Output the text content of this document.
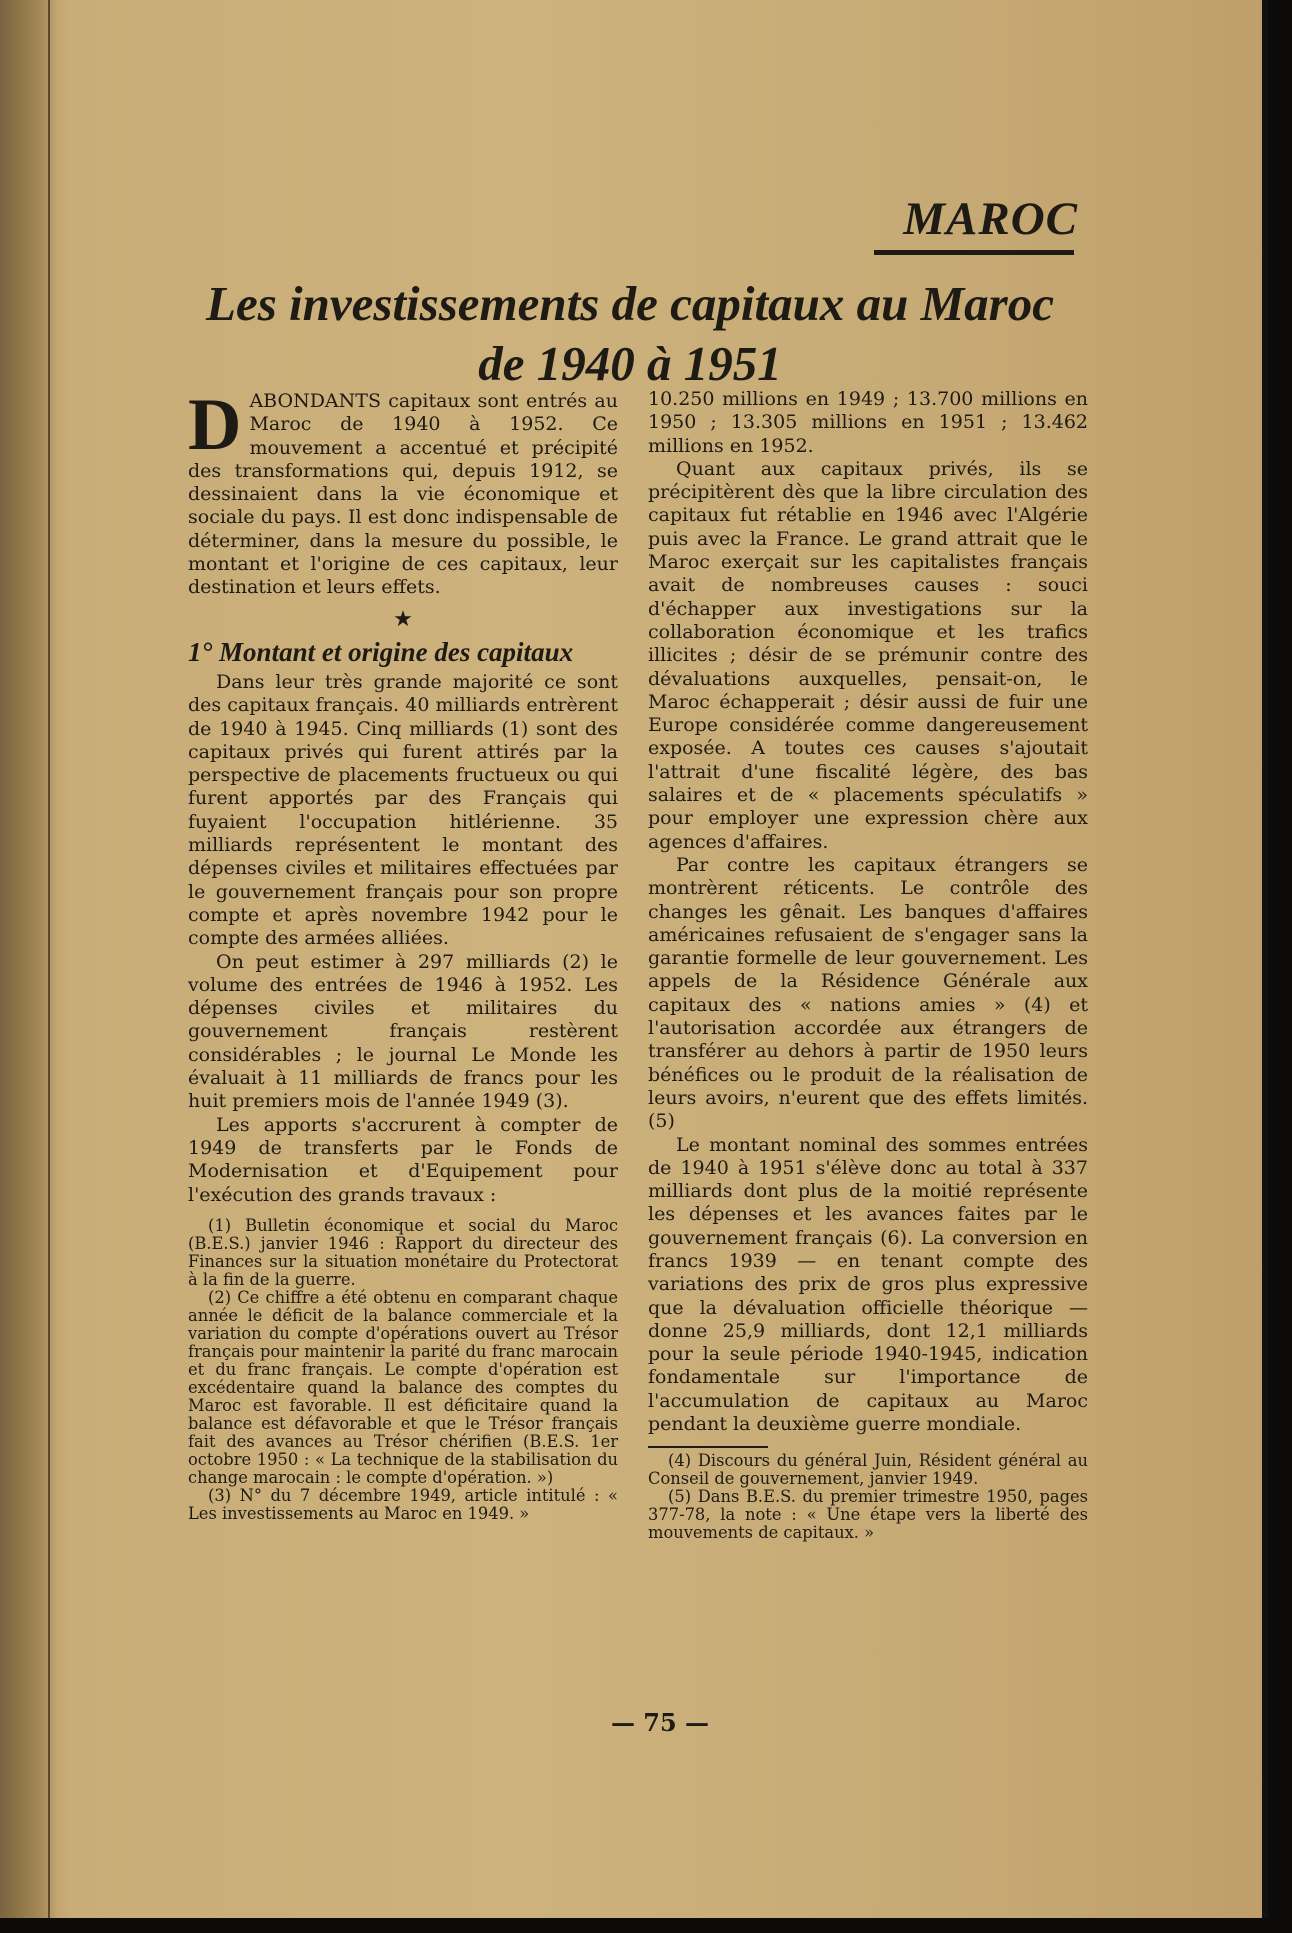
MAROC
Les investissements de capitaux au Maroc
de 1940 à 1951

DABONDANTS capitaux sont entrés au Maroc de 1940 à 1952. Ce mouvement a accentué et précipité des transformations qui, depuis 1912, se dessinaient dans la vie économique et sociale du pays. Il est donc indispensable de déterminer, dans la mesure du possible, le montant et l'origine de ces capitaux, leur destination et leurs effets.

★
1° Montant et origine des capitaux

Dans leur très grande majorité ce sont des capitaux français. 40 milliards entrèrent de 1940 à 1945. Cinq milliards (1) sont des capitaux privés qui furent attirés par la perspective de placements fructueux ou qui furent apportés par des Français qui fuyaient l'occupation hitlérienne. 35 milliards représentent le montant des dépenses civiles et militaires effectuées par le gouvernement français pour son propre compte et après novembre 1942 pour le compte des armées alliées.

On peut estimer à 297 milliards (2) le volume des entrées de 1946 à 1952. Les dépenses civiles et militaires du gouvernement français restèrent considérables ; le journal Le Monde les évaluait à 11 milliards de francs pour les huit premiers mois de l'année 1949 (3).

Les apports s'accrurent à compter de 1949 de transferts par le Fonds de Modernisation et d'Equipement pour l'exécution des grands travaux :

(1) Bulletin économique et social du Maroc (B.E.S.) janvier 1946 : Rapport du directeur des Finances sur la situation monétaire du Protectorat à la fin de la guerre.

(2) Ce chiffre a été obtenu en comparant chaque année le déficit de la balance commerciale et la variation du compte d'opérations ouvert au Trésor français pour maintenir la parité du franc marocain et du franc français. Le compte d'opération est excédentaire quand la balance des comptes du Maroc est favorable. Il est déficitaire quand la balance est défavorable et que le Trésor français fait des avances au Trésor chérifien (B.E.S. 1er octobre 1950 : « La technique de la stabilisation du change marocain : le compte d'opération. »)

(3) N° du 7 décembre 1949, article intitulé : « Les investissements au Maroc en 1949. »

10.250 millions en 1949 ; 13.700 millions en 1950 ; 13.305 millions en 1951 ; 13.462 millions en 1952.

Quant aux capitaux privés, ils se précipitèrent dès que la libre circulation des capitaux fut rétablie en 1946 avec l'Algérie puis avec la France. Le grand attrait que le Maroc exerçait sur les capitalistes français avait de nombreuses causes : souci d'échapper aux investigations sur la collaboration économique et les trafics illicites ; désir de se prémunir contre des dévaluations auxquelles, pensait-on, le Maroc échapperait ; désir aussi de fuir une Europe considérée comme dangereusement exposée. A toutes ces causes s'ajoutait l'attrait d'une fiscalité légère, des bas salaires et de « placements spéculatifs » pour employer une expression chère aux agences d'affaires.

Par contre les capitaux étrangers se montrèrent réticents. Le contrôle des changes les gênait. Les banques d'affaires américaines refusaient de s'engager sans la garantie formelle de leur gouvernement. Les appels de la Résidence Générale aux capitaux des « nations amies » (4) et l'autorisation accordée aux étrangers de transférer au dehors à partir de 1950 leurs bénéfices ou le produit de la réalisation de leurs avoirs, n'eurent que des effets limités. (5)

Le montant nominal des sommes entrées de 1940 à 1951 s'élève donc au total à 337 milliards dont plus de la moitié représente les dépenses et les avances faites par le gouvernement français (6). La conversion en francs 1939 — en tenant compte des variations des prix de gros plus expressive que la dévaluation officielle théorique — donne 25,9 milliards, dont 12,1 milliards pour la seule période 1940-1945, indication fondamentale sur l'importance de l'accumulation de capitaux au Maroc pendant la deuxième guerre mondiale.

(4) Discours du général Juin, Résident général au Conseil de gouvernement, janvier 1949.

(5) Dans B.E.S. du premier trimestre 1950, pages 377-78, la note : « Une étape vers la liberté des mouvements de capitaux. »

— 75 —
